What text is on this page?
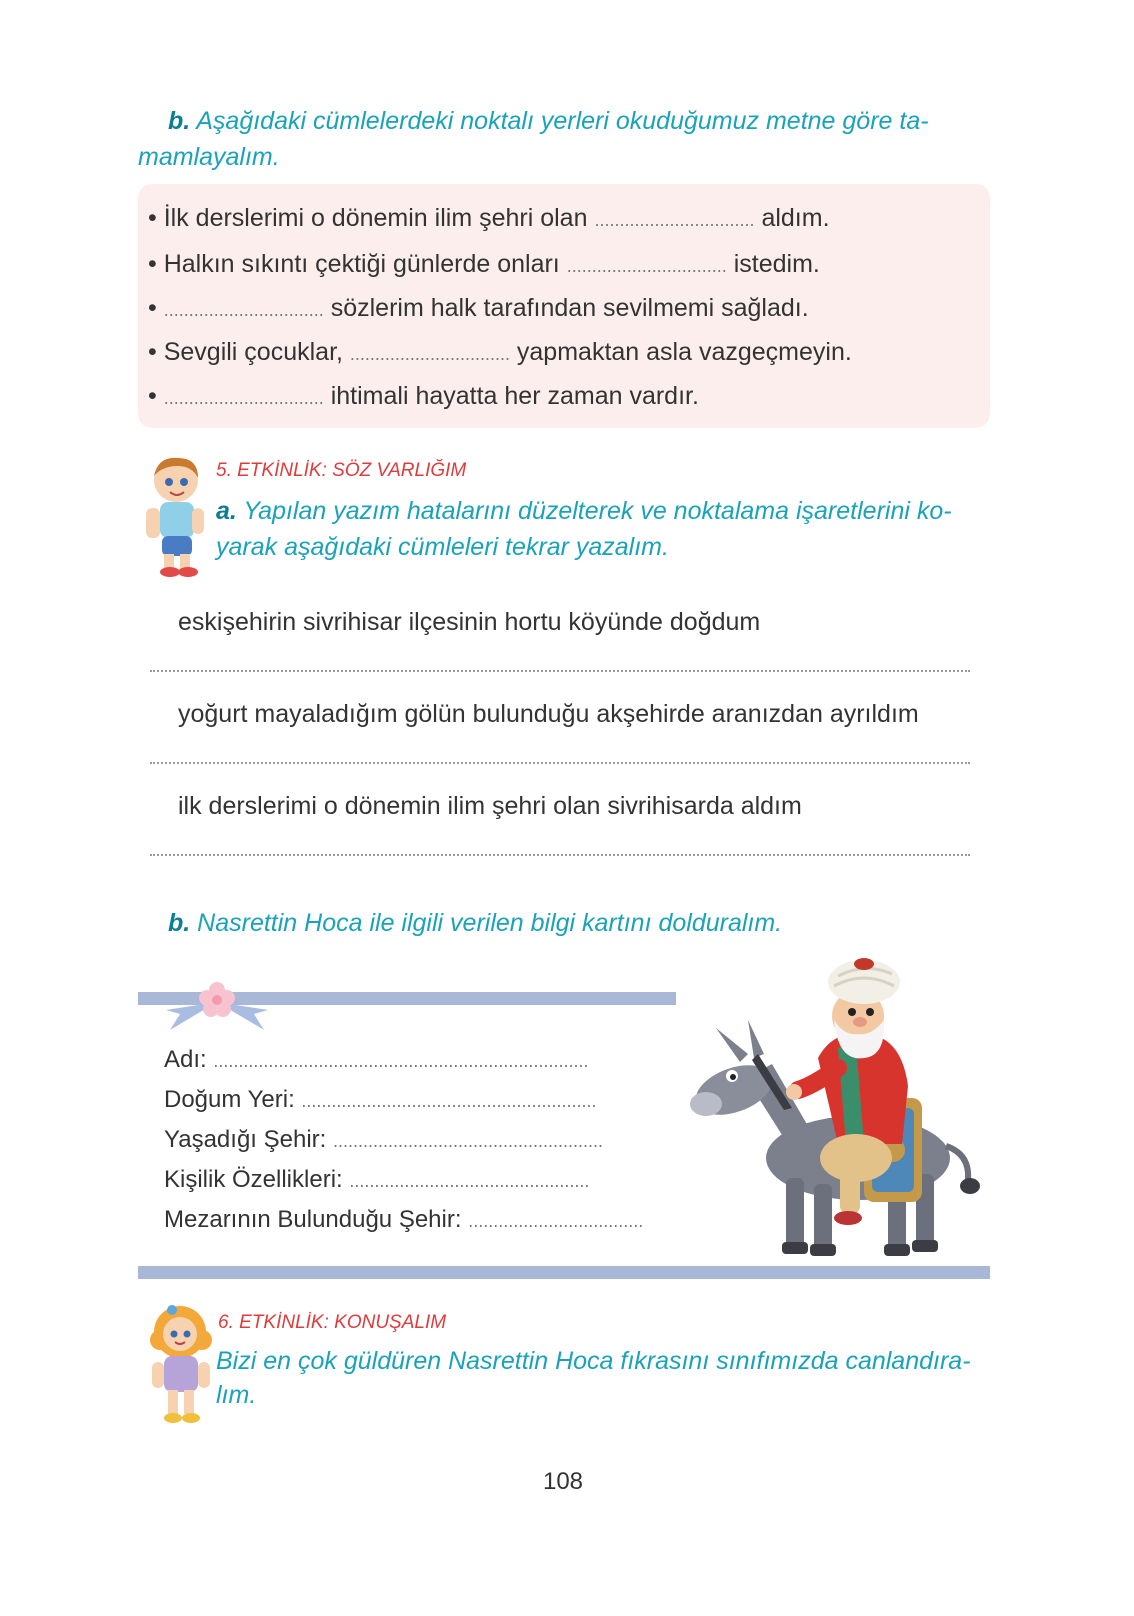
b. Aşağıdaki cümlelerdeki noktalı yerleri okuduğumuz metne göre ta-
mamlayalım.
• İlk derslerimi o dönemin ilim şehri olan ................................ aldım.
• Halkın sıkıntı çektiği günlerde onları ................................ istedim.
• ................................ sözlerim halk tarafından sevilmemi sağladı.
• Sevgili çocuklar, ................................ yapmaktan asla vazgeçmeyin.
• ................................ ihtimali hayatta her zaman vardır.
5. ETKİNLİK: SÖZ VARLIĞIM
a. Yapılan yazım hatalarını düzelterek ve noktalama işaretlerini ko-
yarak aşağıdaki cümleleri tekrar yazalım.
eskişehirin sivrihisar ilçesinin hortu köyünde doğdum
yoğurt mayaladığım gölün bulunduğu akşehirde aranızdan ayrıldım
ilk derslerimi o dönemin ilim şehri olan sivrihisarda aldım
b. Nasrettin Hoca ile ilgili verilen bilgi kartını dolduralım.
Adı: ...........................................................................
Doğum Yeri: ...........................................................
Yaşadığı Şehir: ......................................................
Kişilik Özellikleri: ................................................
Mezarının Bulunduğu Şehir: ...................................
6. ETKİNLİK: KONUŞALIM
Bizi en çok güldüren Nasrettin Hoca fıkrasını sınıfımızda canlandıra-
lım.
108
